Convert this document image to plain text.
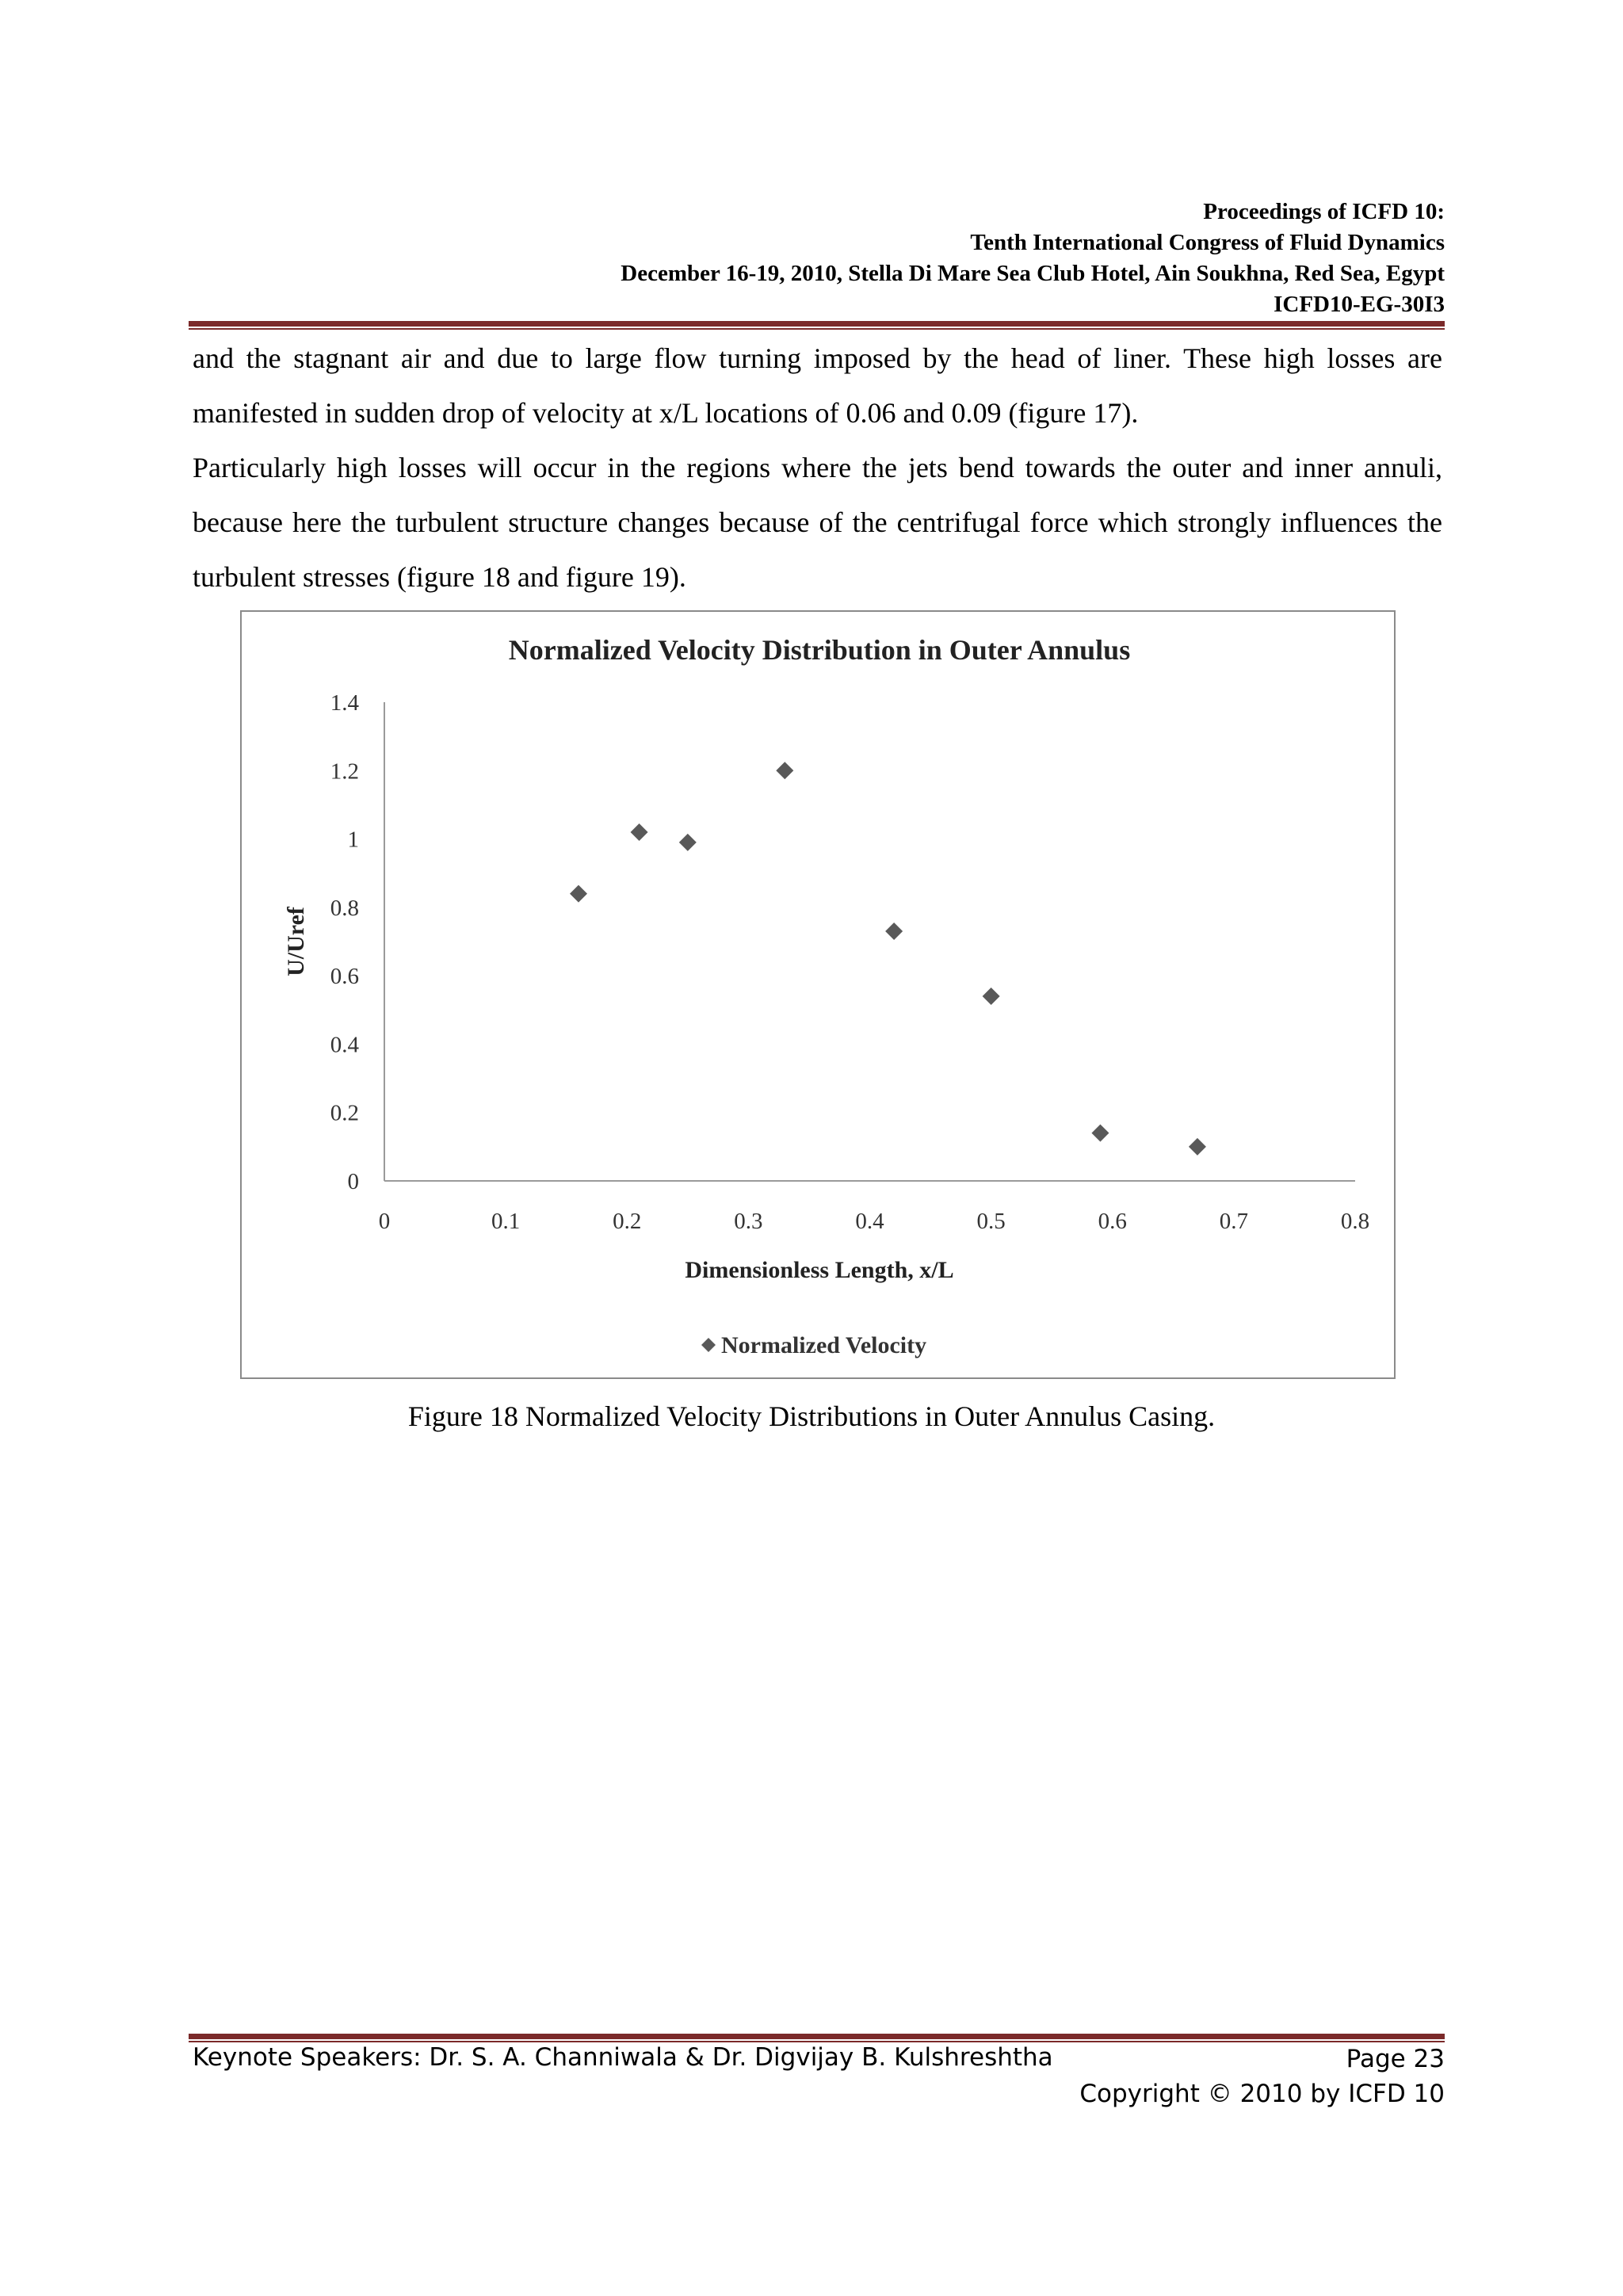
Proceedings of ICFD 10:
Tenth International Congress of Fluid Dynamics
December 16-19, 2010, Stella Di Mare Sea Club Hotel, Ain Soukhna, Red Sea, Egypt
ICFD10-EG-30I3

and the stagnant air and due to large flow turning imposed by the head of liner. These high losses are manifested in sudden drop of velocity at x/L locations of 0.06 and 0.09 (figure 17).

Particularly high losses will occur in the regions where the jets bend towards the outer and inner annuli, because here the turbulent structure changes because of the centrifugal force which strongly influences the turbulent stresses (figure 18 and figure 19).

Normalized Velocity Distribution in Outer Annulus
0
0.2
0.4
0.6
0.8
1
1.2
1.4
0	0.1	0.2	0.3	0.4	0.5	0.6	0.7	0.8
Dimensionless Length, x/L
U/Uref
Normalized Velocity
Figure 18 Normalized Velocity Distributions in Outer Annulus Casing.
Keynote Speakers: Dr. S. A. Channiwala & Dr. Digvijay B. Kulshreshtha	Page 23
Copyright © 2010 by ICFD 10
